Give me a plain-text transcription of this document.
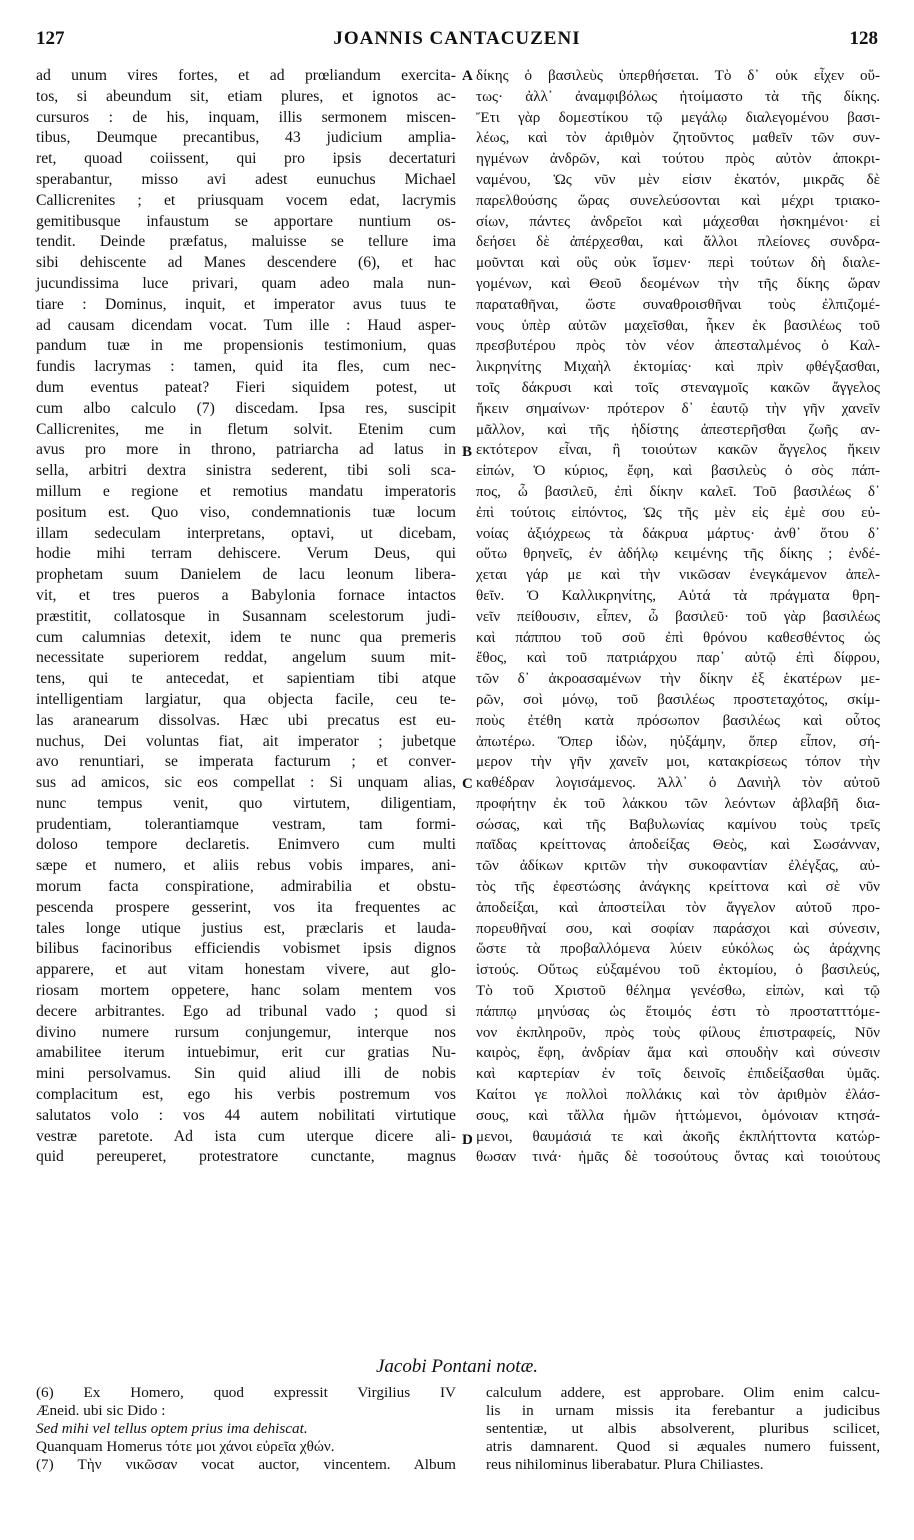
127	JOANNIS CANTACUZENI	128
ad unum vires fortes, et ad prœliandum exercita-
tos, si abeundum sit, etiam plures, et ignotos ac-
cursuros : de his, inquam, illis sermonem miscen-
tibus, Deumque precantibus, 43 judicium amplia-
ret, quoad coiissent, qui pro ipsis decertaturi
sperabantur, misso avi adest eunuchus Michael
Callicrenites ; et priusquam vocem edat, lacrymis
gemitibusque infaustum se apportare nuntium os-
tendit. Deinde præfatus, maluisse se tellure ima
sibi dehiscente ad Manes descendere (6), et hac
jucundissima luce privari, quam adeo mala nun-
tiare : Dominus, inquit, et imperator avus tuus te
ad causam dicendam vocat. Tum ille : Haud asper-
pandum tuæ in me propensionis testimonium, quas
fundis lacrymas : tamen, quid ita fles, cum nec-
dum eventus pateat? Fieri siquidem potest, ut
cum albo calculo (7) discedam. Ipsa res, suscipit
Callicrenites, me in fletum solvit. Etenim cum
avus pro more in throno, patriarcha ad latus in
sella, arbitri dextra sinistra sederent, tibi soli sca-
millum e regione et remotius mandatu imperatoris
positum est. Quo viso, condemnationis tuæ locum
illam sedeculam interpretans, optavi, ut dicebam,
hodie mihi terram dehiscere. Verum Deus, qui
prophetam suum Danielem de lacu leonum libera-
vit, et tres pueros a Babylonia fornace intactos
præstitit, collatosque in Susannam scelestorum judi-
cum calumnias detexit, idem te nunc qua premeris
necessitate superiorem reddat, angelum suum mit-
tens, qui te antecedat, et sapientiam tibi atque
intelligentiam largiatur, qua objecta facile, ceu te-
las aranearum dissolvas. Hæc ubi precatus est eu-
nuchus, Dei voluntas fiat, ait imperator ; jubetque
avo renuntiari, se imperata facturum ; et conver-
sus ad amicos, sic eos compellat : Si unquam alias,
nunc tempus venit, quo virtutem, diligentiam,
prudentiam, tolerantiamque vestram, tam formi-
doloso tempore declaretis. Enimvero cum multi
sæpe et numero, et aliis rebus vobis impares, ani-
morum facta conspiratione, admirabilia et obstu-
pescenda prospere gesserint, vos ita frequentes ac
tales longe utique justius est, præclaris et lauda-
bilibus facinoribus efficiendis vobismet ipsis dignos
apparere, et aut vitam honestam vivere, aut glo-
riosam mortem oppetere, hanc solam mentem vos
decere arbitrantes. Ego ad tribunal vado ; quod si
divino numere rursum conjungemur, interque nos
amabilitee iterum intuebimur, erit cur gratias Nu-
mini persolvamus. Sin quid aliud illi de nobis
complacitum est, ego his verbis postremum vos
salutatos volo : vos 44 autem nobilitati virtutique
vestræ paretote. Ad ista cum uterque dicere ali-
quid pereuperet, protestratore cunctante, magnus
A
B
C
D
δίκης ὁ βασιλεὺς ὑπερθήσεται. Τὸ δ᾽ οὐκ εἶχεν οὕ-
τως· ἀλλ᾽ ἀναμφιβόλως ἡτοίμαστο τὰ τῆς δίκης.
Ἔτι γὰρ δομεστίκου τῷ μεγάλῳ διαλεγομένου βασι-
λέως, καὶ τὸν ἀριθμὸν ζητοῦντος μαθεῖν τῶν συν-
ηγμένων ἀνδρῶν, καὶ τούτου πρὸς αὐτὸν ἀποκρι-
ναμένου, Ὡς νῦν μὲν εἰσιν ἑκατόν, μικρᾶς δὲ
παρελθούσης ὥρας συνελεύσονται καὶ μέχρι τριακο-
σίων, πάντες ἀνδρεῖοι καὶ μάχεσθαι ἠσκημένοι· εἰ
δεήσει δὲ ἀπέρχεσθαι, καὶ ἄλλοι πλείονες συνδρα-
μοῦνται καὶ οὓς οὐκ ἴσμεν· περὶ τούτων δὴ διαλε-
γομένων, καὶ Θεοῦ δεομένων τὴν τῆς δίκης ὥραν
παραταθῆναι, ὥστε συναθροισθῆναι τοὺς ἐλπιζομέ-
νους ὑπὲρ αὐτῶν μαχεῖσθαι, ἧκεν ἐκ βασιλέως τοῦ
πρεσβυτέρου πρὸς τὸν νέον ἀπεσταλμένος ὁ Καλ-
λικρηνίτης Μιχαὴλ ἐκτομίας· καὶ πρὶν φθέγξασθαι,
τοῖς δάκρυσι καὶ τοῖς στεναγμοῖς κακῶν ἄγγελος
ἥκειν σημαίνων· πρότερον δ᾽ ἑαυτῷ τὴν γῆν χανεῖν
μᾶλλον, καὶ τῆς ἡδίστης ἀπεστερῆσθαι ζωῆς αν-
εκτότερον εἶναι, ἢ τοιούτων κακῶν ἄγγελος ἥκειν
εἰπών, Ὁ κύριος, ἔφη, καὶ βασιλεὺς ὁ σὸς πάπ-
πος, ὦ βασιλεῦ, ἐπὶ δίκην καλεῖ. Τοῦ βασιλέως δ᾽
ἐπὶ τούτοις εἰπόντος, Ὡς τῆς μὲν εἰς ἐμὲ σου εὐ-
νοίας ἀξιόχρεως τὰ δάκρυα μάρτυς· ἀνθ᾽ ὅτου δ᾽
οὕτω θρηνεῖς, ἐν ἀδήλῳ κειμένης τῆς δίκης ; ἐνδέ-
χεται γάρ με καὶ τὴν νικῶσαν ἐνεγκάμενον ἀπελ-
θεῖν. Ὁ Καλλικρηνίτης, Αὐτά τὰ πράγματα θρη-
νεῖν πείθουσιν, εἶπεν, ὦ βασιλεῦ· τοῦ γὰρ βασιλέως
καὶ πάππου τοῦ σοῦ ἐπὶ θρόνου καθεσθέντος ὡς
ἔθος, καὶ τοῦ πατριάρχου παρ᾽ αὐτῷ ἐπὶ δίφρου,
τῶν δ᾽ ἀκροασαμένων τὴν δίκην ἐξ ἑκατέρων με-
ρῶν, σοὶ μόνῳ, τοῦ βασιλέως προστεταχότος, σκίμ-
ποὺς ἐτέθη κατὰ πρόσωπον βασιλέως καὶ οὗτος
ἀπωτέρω. Ὅπερ ἰδὼν, ηὐξάμην, ὅπερ εἶπον, σή-
μερον τὴν γῆν χανεῖν μοι, κατακρίσεως τόπον τὴν
καθέδραν λογισάμενος. Ἀλλ᾽ ὁ Δανιὴλ τὸν αὐτοῦ
προφήτην ἐκ τοῦ λάκκου τῶν λεόντων ἀβλαβῆ δια-
σώσας, καὶ τῆς Βαβυλωνίας καμίνου τοὺς τρεῖς
παῖδας κρείττονας ἀποδείξας Θεὸς, καὶ Σωσάνναν,
τῶν ἀδίκων κριτῶν τὴν συκοφαντίαν ἐλέγξας, αὐ-
τὸς τῆς ἐφεστώσης ἀνάγκης κρείττονα καὶ σὲ νῦν
ἀποδείξαι, καὶ ἀποστείλαι τὸν ἄγγελον αὐτοῦ προ-
πορευθῆναί σου, καὶ σοφίαν παράσχοι καὶ σύνεσιν,
ὥστε τὰ προβαλλόμενα λύειν εὐκόλως ὡς ἀράχνης
ἱστούς. Οὕτως εὐξαμένου τοῦ ἐκτομίου, ὁ βασιλεύς,
Τὸ τοῦ Χριστοῦ θέλημα γενέσθω, εἰπὼν, καὶ τῷ
πάππῳ μηνύσας ὡς ἕτοιμός ἐστι τὸ προστατττόμε-
νον ἐκπληροῦν, πρὸς τοὺς φίλους ἐπιστραφείς, Νῦν
καιρὸς, ἔφη, ἀνδρίαν ἅμα καὶ σπουδὴν καὶ σύνεσιν
καὶ καρτερίαν ἐν τοῖς δεινοῖς ἐπιδείξασθαι ὑμᾶς.
Καίτοι γε πολλοὶ πολλάκις καὶ τὸν ἀριθμὸν ἐλάσ-
σους, καὶ τἄλλα ἡμῶν ἡττώμενοι, ὁμόνοιαν κτησά-
μενοι, θαυμάσιά τε καὶ ἀκοῆς ἐκπλήττοντα κατώρ-
θωσαν τινά· ἡμᾶς δὲ τοσούτους ὄντας καὶ τοιούτους
Jacobi Pontani notæ.
(6) Ex Homero, quod expressit Virgilius IV
Æneid. ubi sic Dido :
Sed mihi vel tellus optem prius ima dehiscat.
Quanquam Homerus τότε μοι χάνοι εὐρεῖα χθών.
(7) Τὴν νικῶσαν vocat auctor, vincentem. Album
calculum addere, est approbare. Olim enim calcu-
lis in urnam missis ita ferebantur a judicibus
sententiæ, ut albis absolverent, pluribus scilicet,
atris damnarent. Quod si æquales numero fuissent,
reus nihilominus liberabatur. Plura Chiliastes.
